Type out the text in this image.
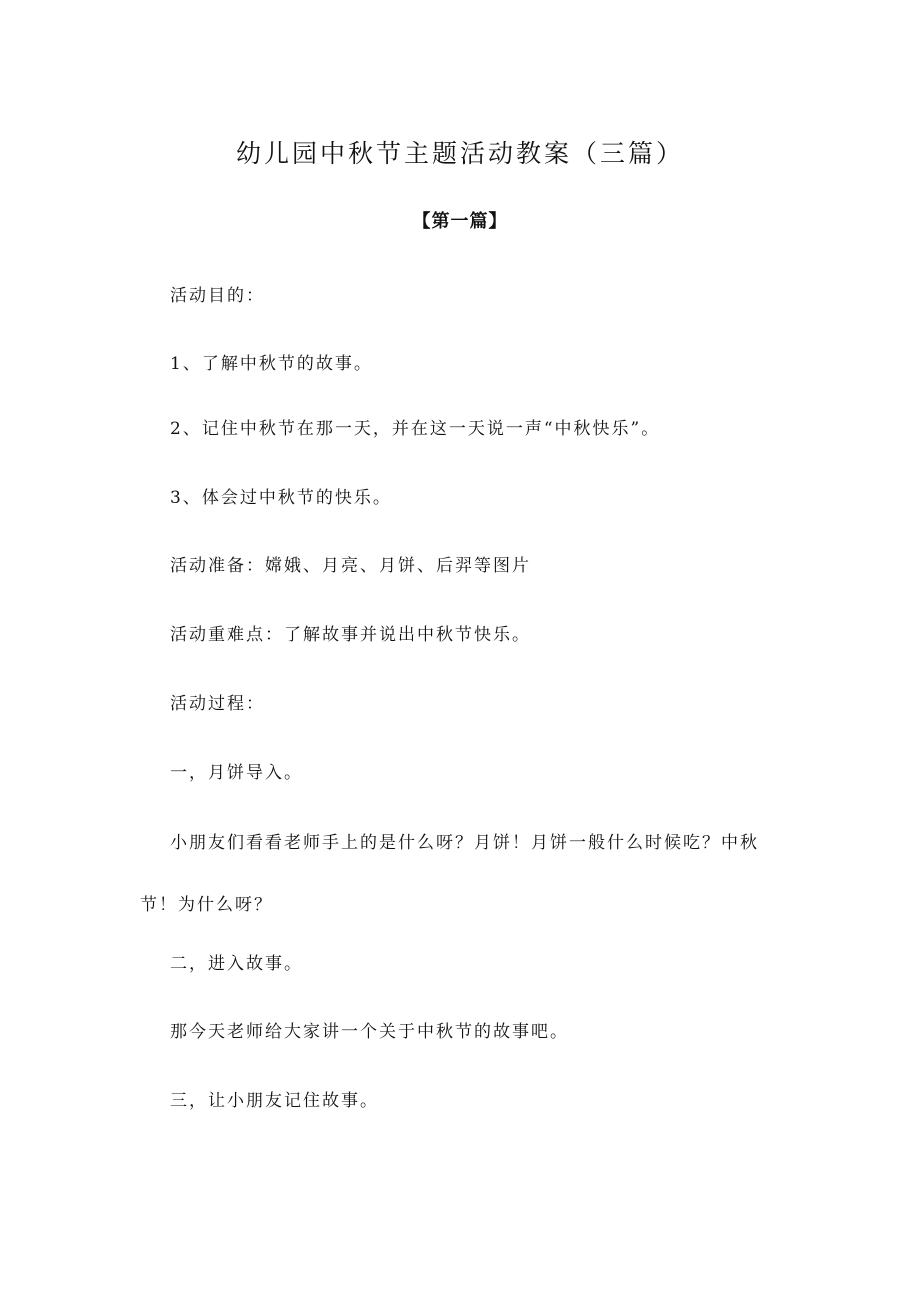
幼儿园中秋节主题活动教案（三篇）
【第一篇】
活动目的：
1、了解中秋节的故事。
2、记住中秋节在那一天，并在这一天说一声“中秋快乐”。
3、体会过中秋节的快乐。
活动准备：嫦娥、月亮、月饼、后羿等图片
活动重难点：了解故事并说出中秋节快乐。
活动过程：
一，月饼导入。
小朋友们看看老师手上的是什么呀？月饼！月饼一般什么时候吃？中秋节！为什么呀？
二，进入故事。
那今天老师给大家讲一个关于中秋节的故事吧。
三，让小朋友记住故事。
